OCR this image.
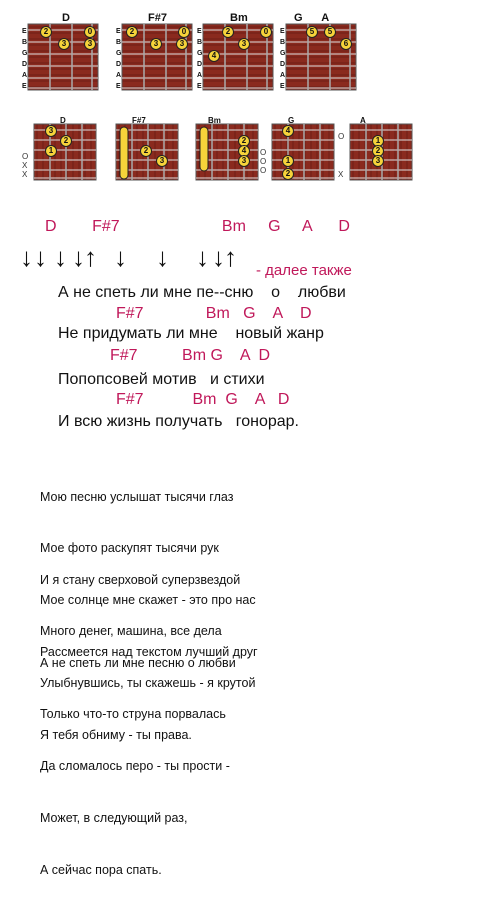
D	F#7	Bm	G A
E
B
G
D
A
E
E
B
G
D
A
E
E
B
G
D
A
E
E
B
G
D
A
E
2	0
3	3
2	0
3	3
2	0
3
4
5	5
6
D	F#7	Bm	G	A
O
X
X
O
O
O
O
X
3
2
1	2
3
2
4
3
4
1
2
1
2
3
D        F#7                       Bm     G     A      D
↓ ↓ ↓ ↓ ↑ ↓ ↓ ↓ ↓ ↑ - далее также
А не спеть ли мне пе--сню    о    любви
F#7              Bm   G    A    D
Не придумать ли мне    новый жанр
F#7          Bm G    A  D
Попопсовей мотив   и стихи
F#7           Bm  G    A   D
И всю жизнь получать   гонорар.

Мою песню услышат тысячи глаз

Мое фото раскупят тысячи рук

Мое солнце мне скажет - это про нас

Рассмеется над текстом лучший друг

И я стану сверховой суперзвездой

Много денег, машина, все дела

Улыбнувшись, ты скажешь - я крутой

Я тебя обниму - ты права.

А не спеть ли мне песню о любви

Только что-то струна порвалась

Да сломалось перо - ты прости -

Может, в следующий раз,

А сейчас пора спать.
